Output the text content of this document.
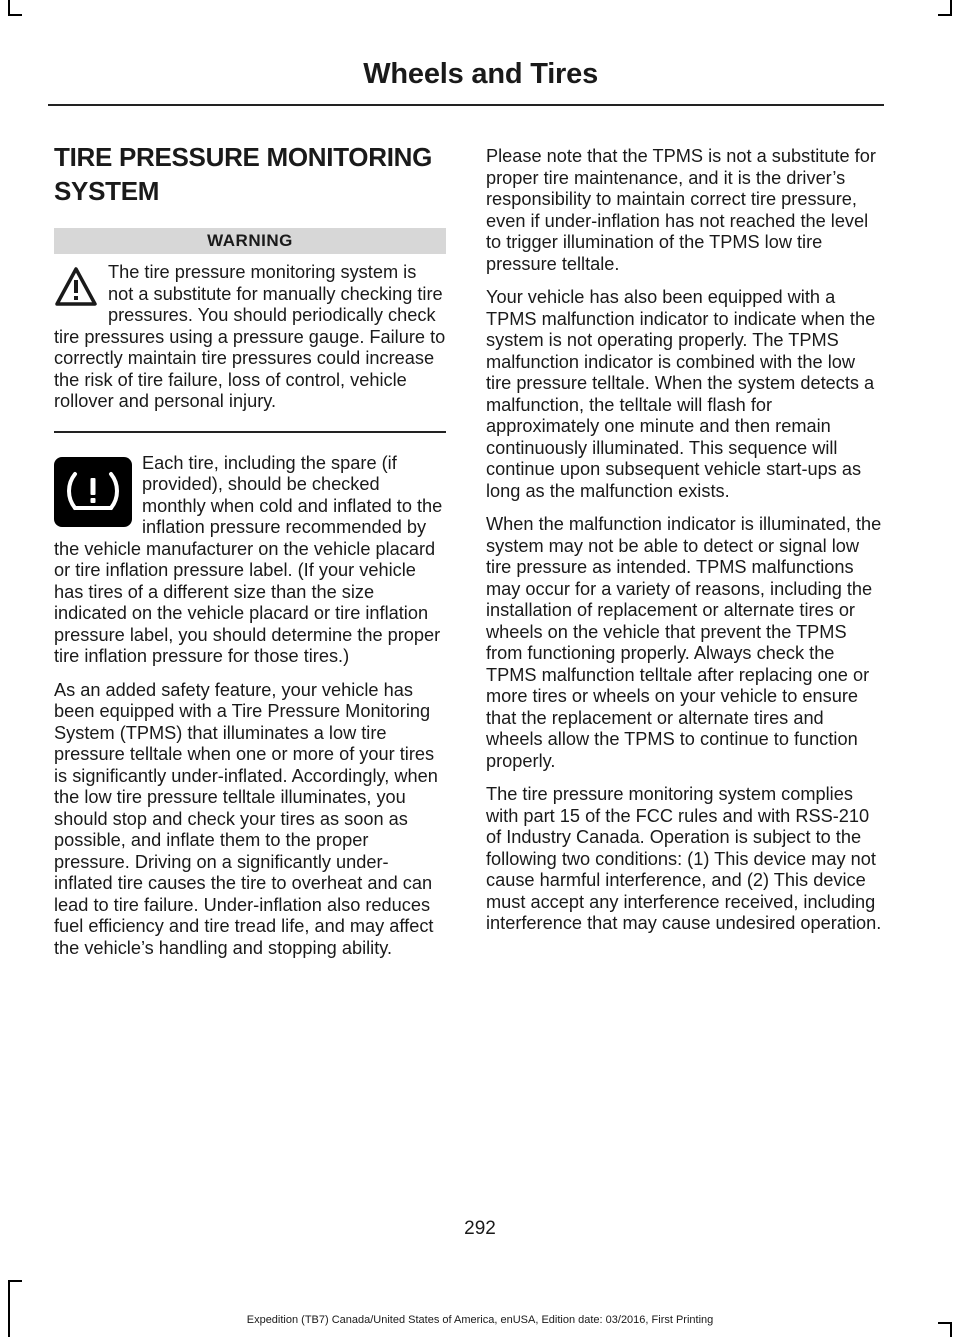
Wheels and Tires
TIRE PRESSURE MONITORING SYSTEM
WARNING

The tire pressure monitoring system is not a substitute for manually checking tire pressures. You should periodically check tire pressures using a pressure gauge. Failure to correctly maintain tire pressures could increase the risk of tire failure, loss of control, vehicle rollover and personal injury.

Each tire, including the spare (if provided), should be checked monthly when cold and inflated to the inflation pressure recommended by the vehicle manufacturer on the vehicle placard or tire inflation pressure label. (If your vehicle has tires of a different size than the size indicated on the vehicle placard or tire inflation pressure label, you should determine the proper tire inflation pressure for those tires.)

As an added safety feature, your vehicle has been equipped with a Tire Pressure Monitoring System (TPMS) that illuminates a low tire pressure telltale when one or more of your tires is significantly under-inflated. Accordingly, when the low tire pressure telltale illuminates, you should stop and check your tires as soon as possible, and inflate them to the proper pressure. Driving on a significantly under-inflated tire causes the tire to overheat and can lead to tire failure. Under-inflation also reduces fuel efficiency and tire tread life, and may affect the vehicle’s handling and stopping ability.

Please note that the TPMS is not a substitute for proper tire maintenance, and it is the driver’s responsibility to maintain correct tire pressure, even if under-inflation has not reached the level to trigger illumination of the TPMS low tire pressure telltale.

Your vehicle has also been equipped with a TPMS malfunction indicator to indicate when the system is not operating properly. The TPMS malfunction indicator is combined with the low tire pressure telltale. When the system detects a malfunction, the telltale will flash for approximately one minute and then remain continuously illuminated. This sequence will continue upon subsequent vehicle start-ups as long as the malfunction exists.

When the malfunction indicator is illuminated, the system may not be able to detect or signal low tire pressure as intended. TPMS malfunctions may occur for a variety of reasons, including the installation of replacement or alternate tires or wheels on the vehicle that prevent the TPMS from functioning properly. Always check the TPMS malfunction telltale after replacing one or more tires or wheels on your vehicle to ensure that the replacement or alternate tires and wheels allow the TPMS to continue to function properly.

The tire pressure monitoring system complies with part 15 of the FCC rules and with RSS-210 of Industry Canada. Operation is subject to the following two conditions: (1) This device may not cause harmful interference, and (2) This device must accept any interference received, including interference that may cause undesired operation.

292
Expedition (TB7) Canada/United States of America, enUSA, Edition date: 03/2016, First Printing
